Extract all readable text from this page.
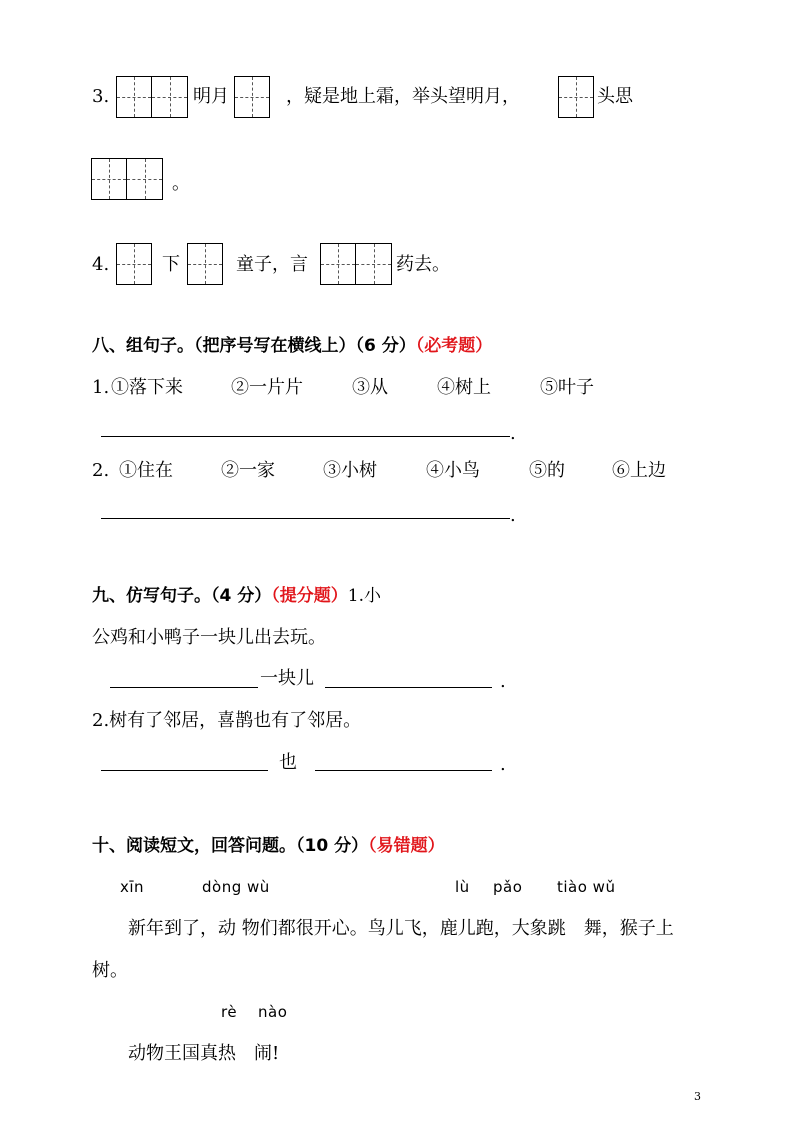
3.	明月	，疑是地上霜，举头望明月，	头思
。
4.	下	童子，言	药去。
八、组句子。（把序号写在横线上）（6 分）（必考题）
1. ①落下来	②一片片	③从	④树上	⑤叶子
.
2. ①住在	②一家	③小树	④小鸟	⑤的	⑥上边
.
九、仿写句子。（4 分）（提分题）1.小
公鸡和小鸭子一块儿出去玩。
一块儿	.
2.树有了邻居，喜鹊也有了邻居。
也	.
十、阅读短文，回答问题。（10 分）（易错题）
xīn	dòng wù	lù pǎo tiào wǔ
新年到了，动 物们都很开心。鸟儿飞，鹿儿跑，大象跳　舞，猴子上
树。
rè nào
动物王国真热　闹!
3
